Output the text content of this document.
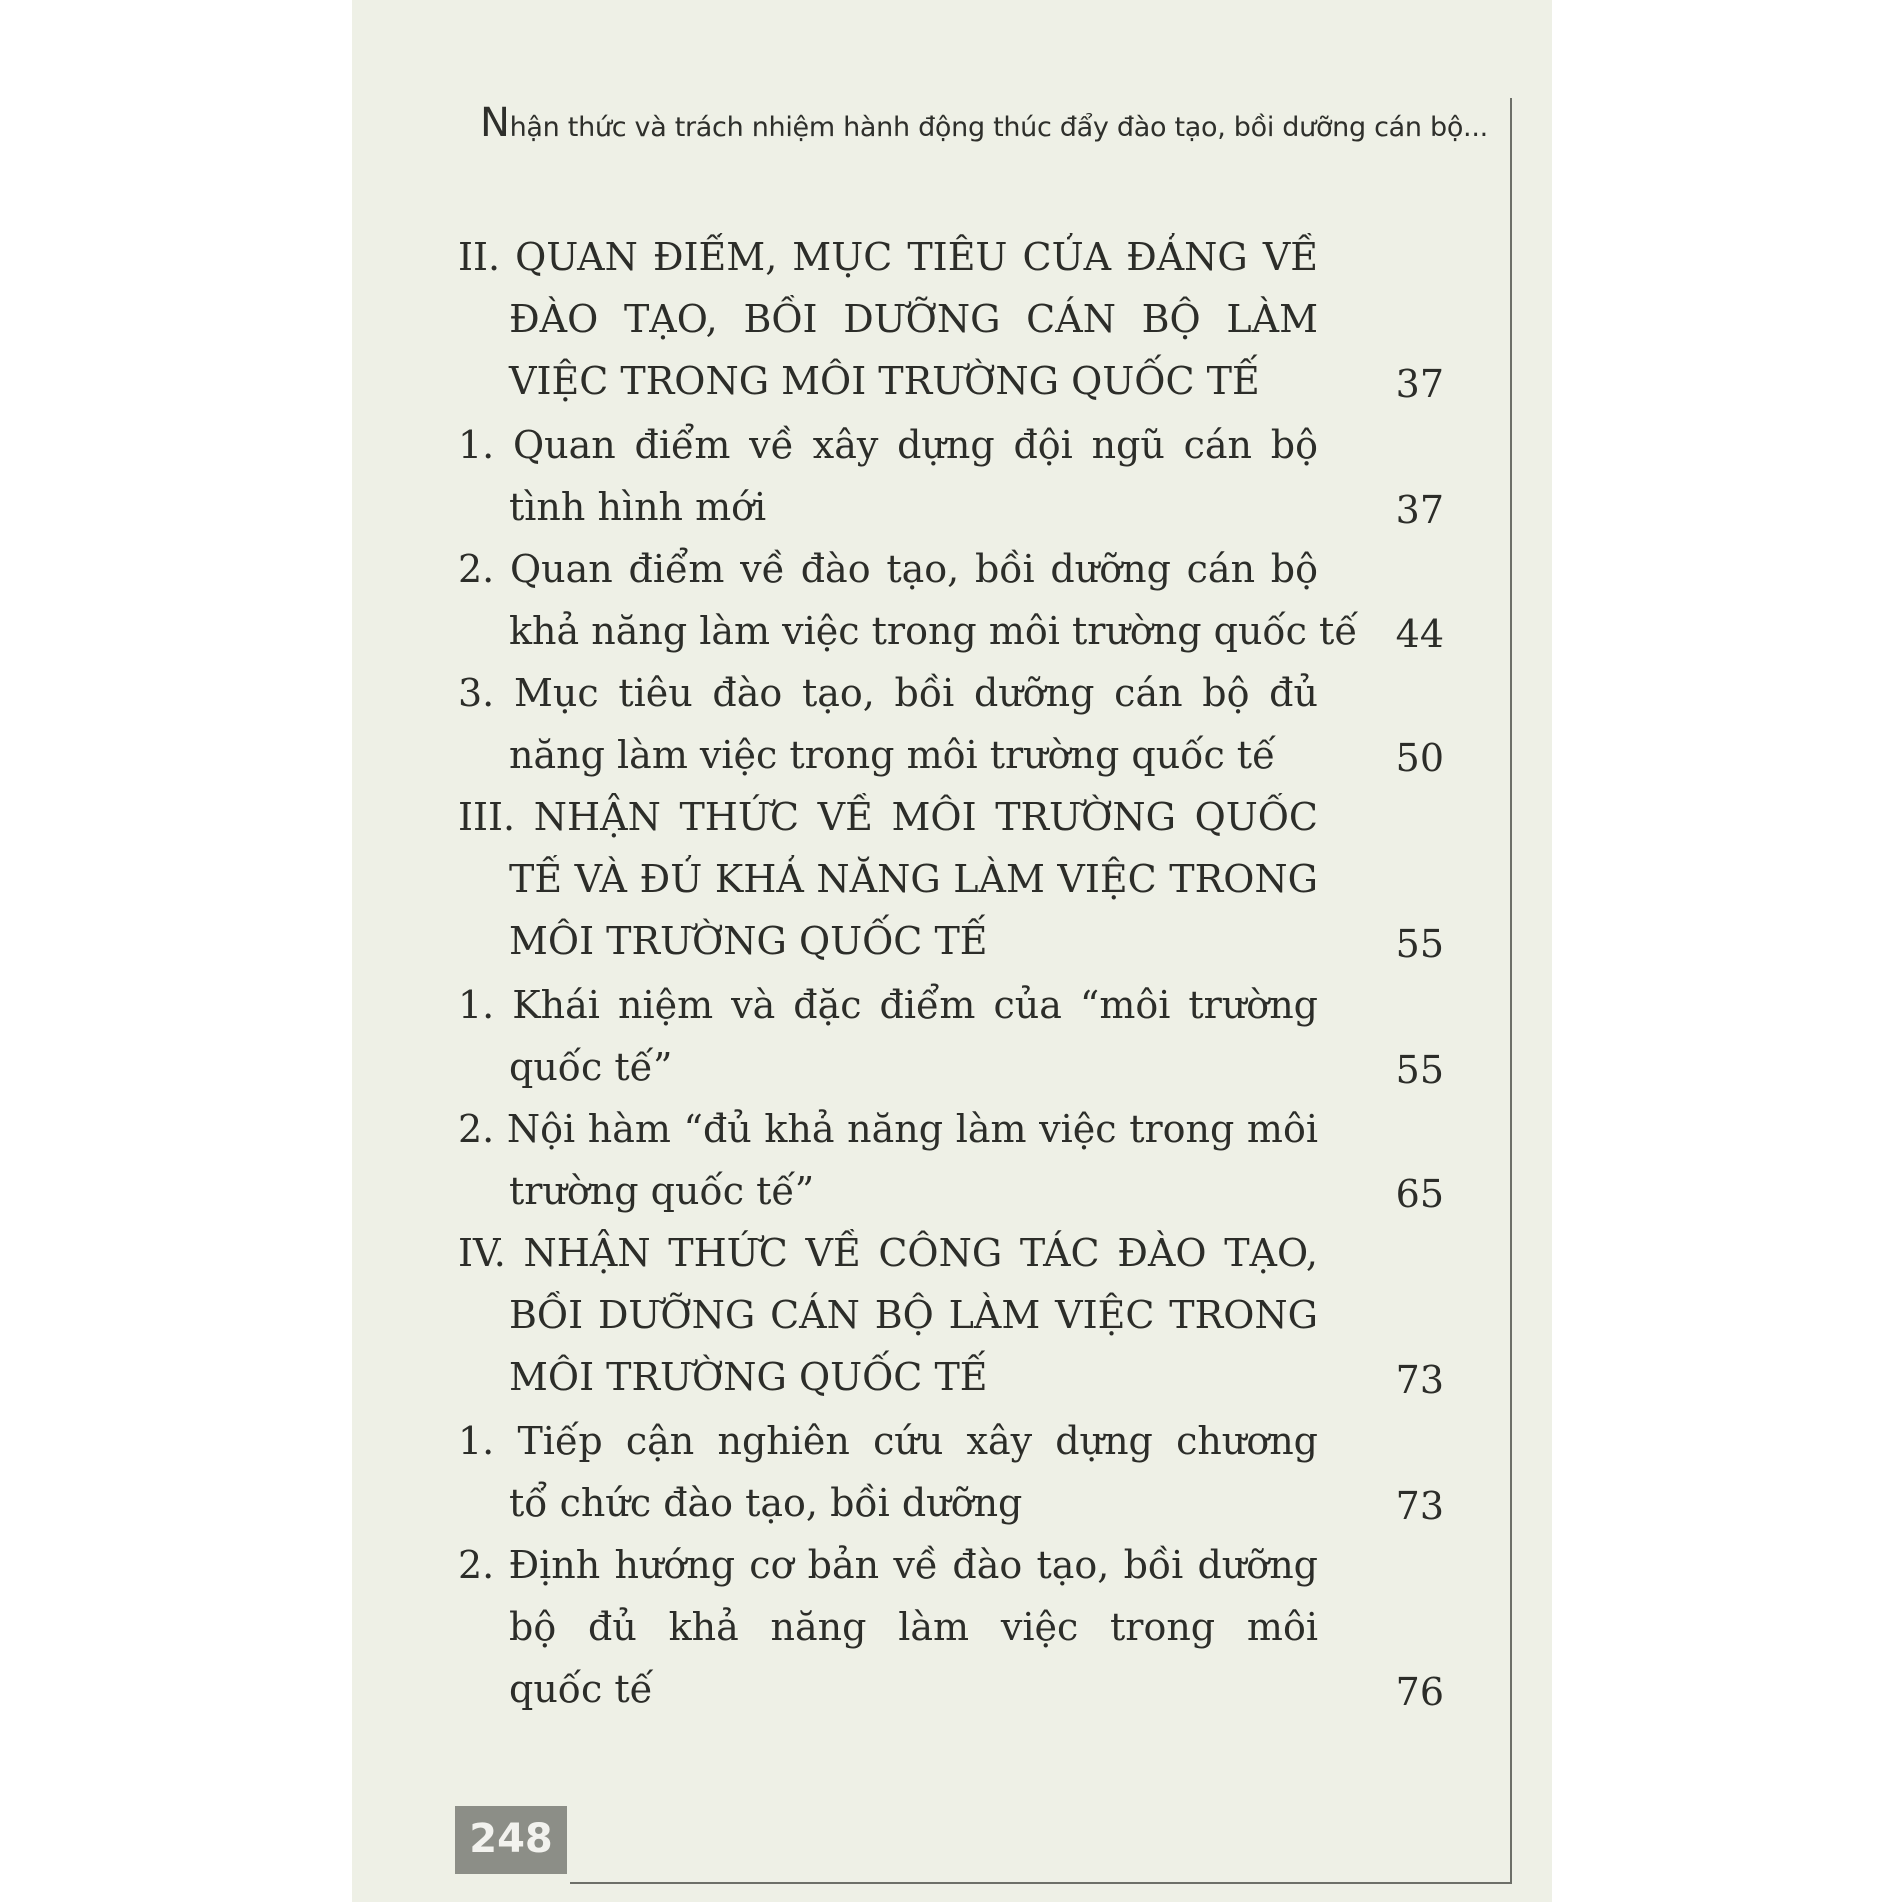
Nhận thức và trách nhiệm hành động thúc đẩy đào tạo, bồi dưỡng cán bộ...
II. QUAN ĐIỂM, MỤC TIÊU CỦA ĐẢNG VỀ
ĐÀO TẠO, BỒI DƯỠNG CÁN BỘ LÀM
VIỆC TRONG MÔI TRƯỜNG QUỐC TẾ	37
1. Quan điểm về xây dựng đội ngũ cán bộ
tình hình mới	37
2. Quan điểm về đào tạo, bồi dưỡng cán bộ
khả năng làm việc trong môi trường quốc tế 44
3. Mục tiêu đào tạo, bồi dưỡng cán bộ đủ
năng làm việc trong môi trường quốc tế	50
III. NHẬN THỨC VỀ MÔI TRƯỜNG QUỐC
TẾ VÀ ĐỦ KHẢ NĂNG LÀM VIỆC TRONG
MÔI TRƯỜNG QUỐC TẾ	55
1. Khái niệm và đặc điểm của “môi trường
quốc tế”	55
2. Nội hàm “đủ khả năng làm việc trong môi
trường quốc tế”	65
IV. NHẬN THỨC VỀ CÔNG TÁC ĐÀO TẠO,
BỒI DƯỠNG CÁN BỘ LÀM VIỆC TRONG
MÔI TRƯỜNG QUỐC TẾ	73
1. Tiếp cận nghiên cứu xây dựng chương
tổ chức đào tạo, bồi dưỡng	73
2. Định hướng cơ bản về đào tạo, bồi dưỡng
bộ đủ khả năng làm việc trong môi
quốc tế	76
248
